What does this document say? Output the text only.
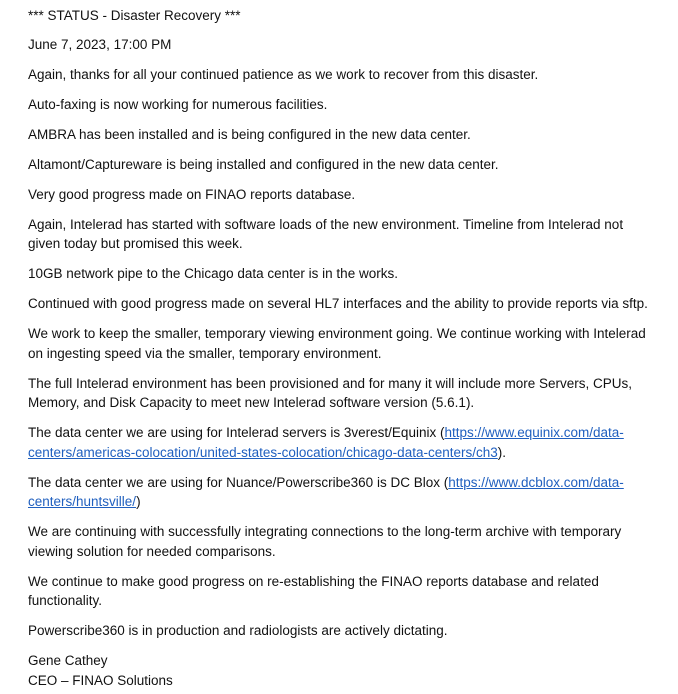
*** STATUS - Disaster Recovery ***

June 7, 2023, 17:00 PM

Again, thanks for all your continued patience as we work to recover from this disaster.

Auto-faxing is now working for numerous facilities.

AMBRA has been installed and is being configured in the new data center.

Altamont/Captureware is being installed and configured in the new data center.

Very good progress made on FINAO reports database.

Again, Intelerad has started with software loads of the new environment. Timeline from Intelerad not given today but promised this week.

10GB network pipe to the Chicago data center is in the works.

Continued with good progress made on several HL7 interfaces and the ability to provide reports via sftp.

We work to keep the smaller, temporary viewing environment going. We continue working with Intelerad on ingesting speed via the smaller, temporary environment.

The full Intelerad environment has been provisioned and for many it will include more Servers, CPUs, Memory, and Disk Capacity to meet new Intelerad software version (5.6.1).

The data center we are using for Intelerad servers is 3verest/Equinix (https://www.equinix.com/data-centers/americas-colocation/united-states-colocation/chicago-data-centers/ch3).

The data center we are using for Nuance/Powerscribe360 is DC Blox (https://www.dcblox.com/data-centers/huntsville/)

We are continuing with successfully integrating connections to the long-term archive with temporary viewing solution for needed comparisons.

We continue to make good progress on re-establishing the FINAO reports database and related functionality.

Powerscribe360 is in production and radiologists are actively dictating.

Gene Cathey

CEO – FINAO Solutions
